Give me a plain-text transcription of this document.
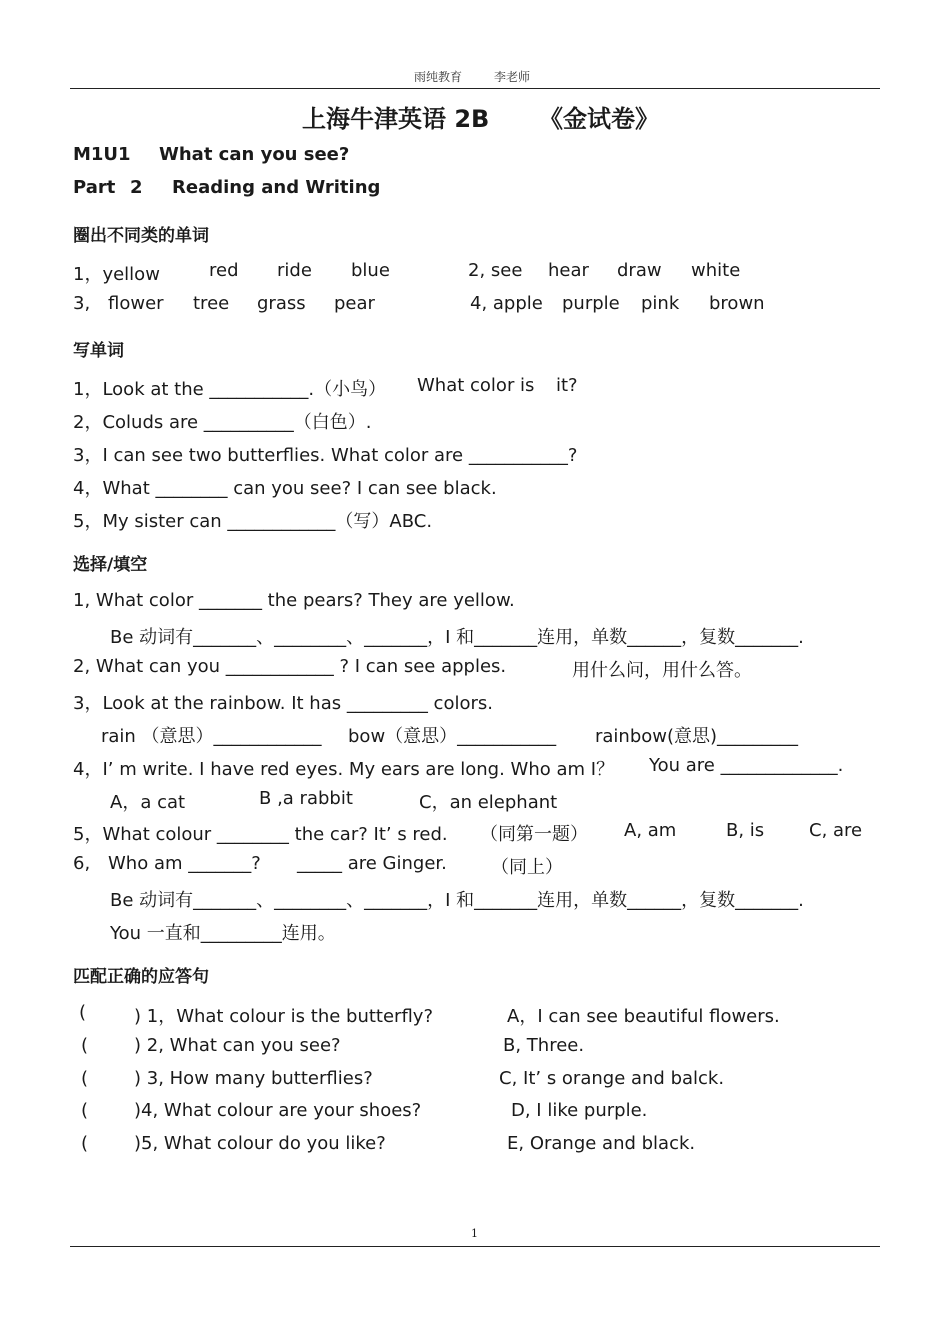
雨纯教育	李老师
上海牛津英语 2B 《金试卷》
M1U1 What can you see?
Part 2 Reading and Writing
圈出不同类的单词
1，yellow	red ride blue	2, see hear draw white
3, flower tree grass pear	4, apple purple pink brown
写单词
1，Look at the ___________.（小鸟） What color is it?
2，Coluds are __________（白色）.
3，I can see two butterflies. What color are ___________?
4，What ________ can you see? I can see black.
5，My sister can ____________（写）ABC.
选择/填空
1, What color _______ the pears? They are yellow.
Be 动词有_______、________、_______，I 和_______连用，单数______，复数_______.
2, What can you ____________ ? I can see apples.	用什么问，用什么答。
3，Look at the rainbow. It has _________ colors.
rain （意思）____________ bow（意思）___________ rainbow(意思)_________
4，I’ m write. I have red eyes. My ears are long. Who am I？ You are _____________.
A，a cat	B ,a rabbit	C，an elephant
5，What colour ________ the car? It’ s red. （同第一题） A, am	B, is C, are
6, Who am _______? _____ are Ginger. （同上）
Be 动词有_______、________、_______，I 和_______连用，单数______，复数_______.
You 一直和_________连用。
匹配正确的应答句
(	) 1，What colour is the butterfly?	A，I can see beautiful flowers.
(	) 2, What can you see?	B, Three.
(	) 3, How many butterflies?	C, It’ s orange and balck.
(	)4, What colour are your shoes?	D, I like purple.
(	)5, What colour do you like?	E, Orange and black.
1
